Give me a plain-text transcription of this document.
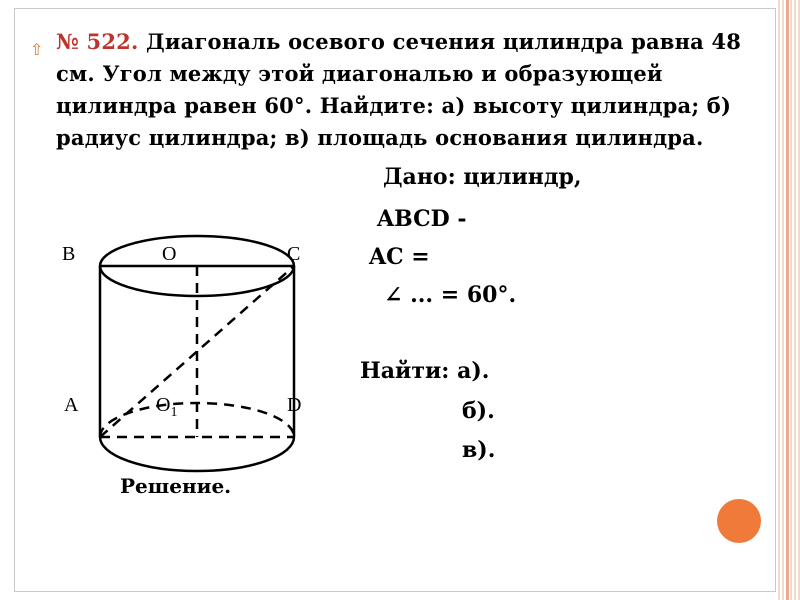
⇧ № 522. Диагональ осевого сечения цилиндра равна 48 см. Угол между этой диагональю и образующей цилиндра равен 60°. Найдите: а) высоту цилиндра; б) радиус цилиндра; в) площадь основания цилиндра.

B	O	C
A	$O_1$	D
Дано: цилиндр,
ABCD -
AC =
∠ ... = 60°.
Найти: а).
б).
в).
Решение.
